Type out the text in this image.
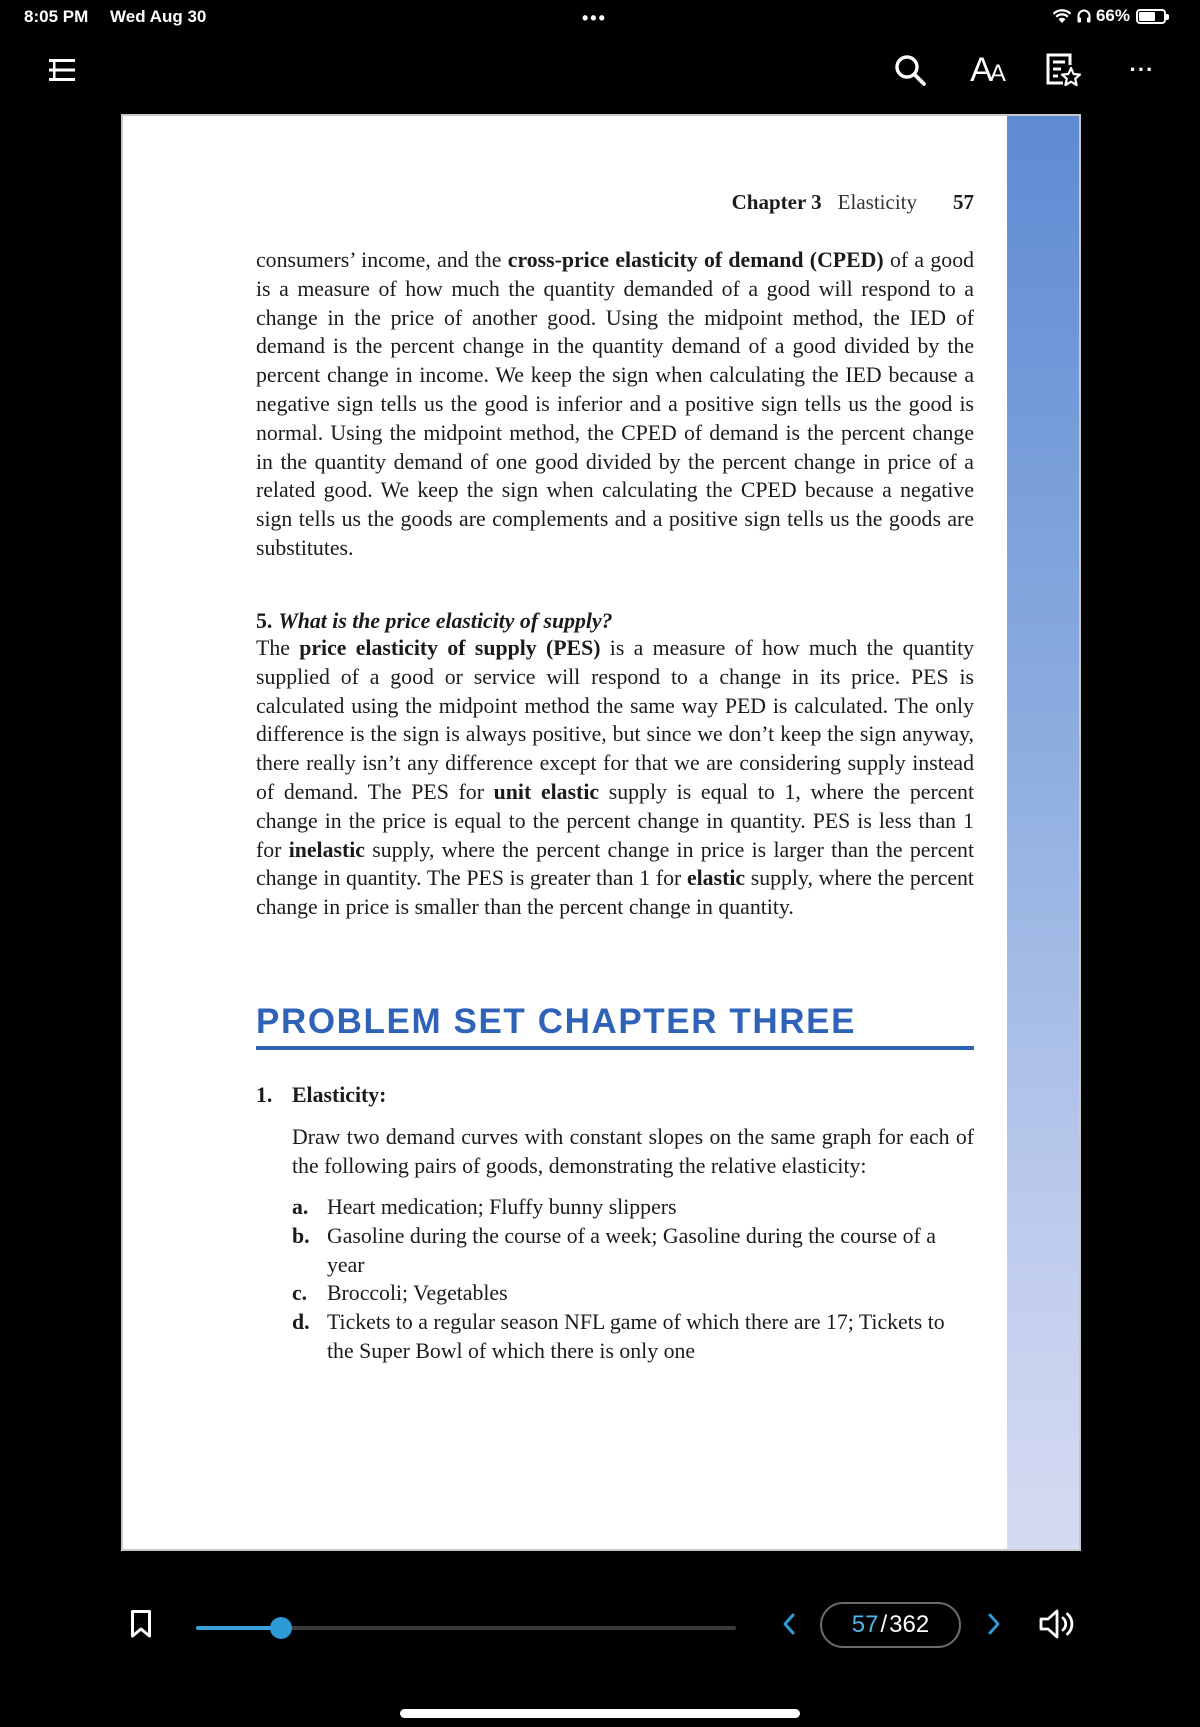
8:05 PM Wed Aug 30	•••	66%
AA	···
Chapter 3 Elasticity 57

consumers’ income, and the cross-price elasticity of demand (CPED) of a good is a measure of how much the quantity demanded of a good will respond to a change in the price of another good. Using the midpoint method, the IED of demand is the percent change in the quantity demand of a good divided by the percent change in income. We keep the sign when calculating the IED because a negative sign tells us the good is inferior and a positive sign tells us the good is normal. Using the midpoint method, the CPED of demand is the percent change in the quantity demand of one good divided by the percent change in price of a related good. We keep the sign when calculating the CPED because a negative sign tells us the goods are complements and a positive sign tells us the goods are substitutes.

5. What is the price elasticity of supply?

The price elasticity of supply (PES) is a measure of how much the quantity supplied of a good or service will respond to a change in its price. PES is calculated using the midpoint method the same way PED is calculated. The only difference is the sign is always positive, but since we don’t keep the sign anyway, there really isn’t any difference except for that we are considering supply instead of demand. The PES for unit elastic supply is equal to 1, where the percent change in the price is equal to the percent change in quantity. PES is less than 1 for inelastic supply, where the percent change in price is larger than the percent change in quantity. The PES is greater than 1 for elastic supply, where the percent change in price is smaller than the percent change in quantity.

PROBLEM SET CHAPTER THREE
1. Elasticity:

Draw two demand curves with constant slopes on the same graph for each of the following pairs of goods, demonstrating the relative elasticity:

a. Heart medication; Fluffy bunny slippers
b. Gasoline during the course of a week; Gasoline during the course of a year
c. Broccoli; Vegetables
d. Tickets to a regular season NFL game of which there are 17; Tickets to the Super Bowl of which there is only one
57 / 362
